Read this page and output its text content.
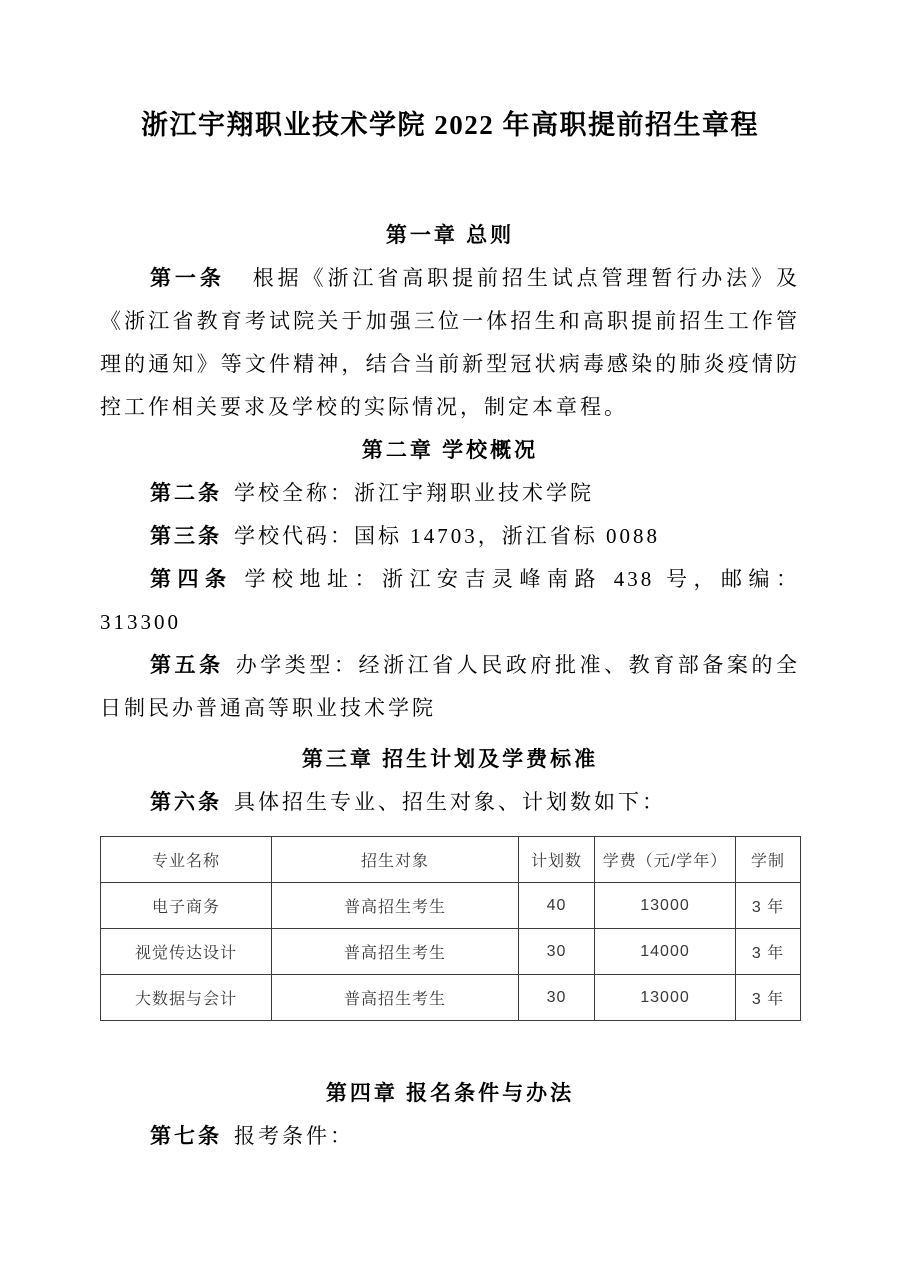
浙江宇翔职业技术学院 2022 年高职提前招生章程
第一章 总则

第一条 根据《浙江省高职提前招生试点管理暂行办法》及《浙江省教育考试院关于加强三位一体招生和高职提前招生工作管理的通知》等文件精神，结合当前新型冠状病毒感染的肺炎疫情防控工作相关要求及学校的实际情况，制定本章程。

第二章 学校概况

第二条 学校全称：浙江宇翔职业技术学院

第三条 学校代码：国标 14703，浙江省标 0088

第四条 学校地址：浙江安吉灵峰南路 438 号，邮编：313300

第五条 办学类型：经浙江省人民政府批准、教育部备案的全日制民办普通高等职业技术学院

第三章 招生计划及学费标准

第六条 具体招生专业、招生对象、计划数如下：

专业名称	招生对象	计划数	学费（元/学年）	学制
电子商务	普高招生考生	40	13000	3 年
视觉传达设计	普高招生考生	30	14000	3 年
大数据与会计	普高招生考生	30	13000	3 年
第四章 报名条件与办法

第七条 报考条件：
